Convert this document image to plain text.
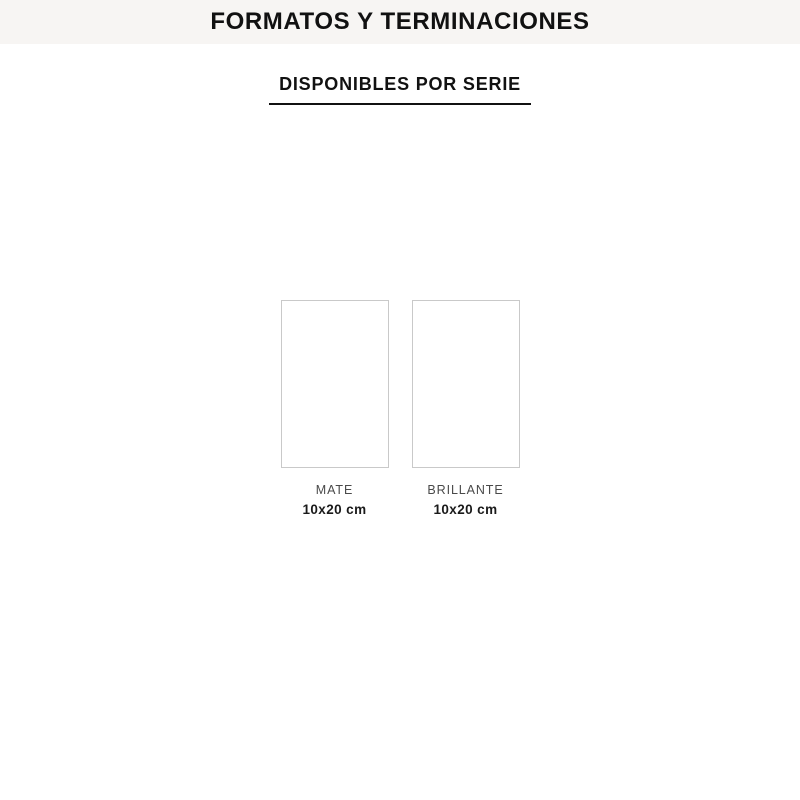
FORMATOS Y TERMINACIONES
DISPONIBLES POR SERIE
MATE
10x20 cm
BRILLANTE
10x20 cm
